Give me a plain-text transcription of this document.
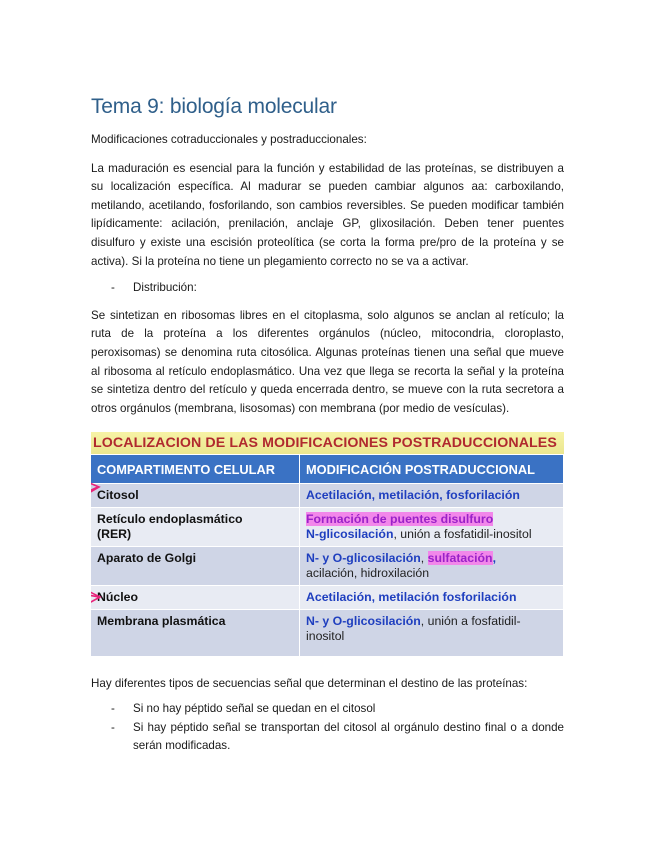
Tema 9: biología molecular

Modificaciones cotraduccionales y postraduccionales:

La maduración es esencial para la función y estabilidad de las proteínas, se distribuyen a su localización específica. Al madurar se pueden cambiar algunos aa: carboxilando, metilando, acetilando, fosforilando, son cambios reversibles. Se pueden modificar también lipídicamente: acilación, prenilación, anclaje GP, glixosilación. Deben tener puentes disulfuro y existe una escisión proteolítica (se corta la forma pre/pro de la proteína y se activa). Si la proteína no tiene un plegamiento correcto no se va a activar.

-	Distribución:

Se sintetizan en ribosomas libres en el citoplasma, solo algunos se anclan al retículo; la ruta de la proteína a los diferentes orgánulos (núcleo, mitocondria, cloroplasto, peroxisomas) se denomina ruta citosólica. Algunas proteínas tienen una señal que mueve al ribosoma al retículo endoplasmático. Una vez que llega se recorta la señal y la proteína se sintetiza dentro del retículo y queda encerrada dentro, se mueve con la ruta secretora a otros orgánulos (membrana, lisosomas) con membrana (por medio de vesículas).

LOCALIZACION DE LAS MODIFICACIONES POSTRADUCCIONALES
COMPARTIMENTO CELULAR	MODIFICACIÓN POSTRADUCCIONAL
Citosol	Acetilación, metilación, fosforilación
Retículo endoplasmático
(RER)	Formación de puentes disulfuro
N-glicosilación, unión a fosfatidil-inositol
Aparato de Golgi	N- y O-glicosilación, sulfatación,
acilación, hidroxilación
Núcleo	Acetilación, metilación fosforilación
Membrana plasmática	N- y O-glicosilación, unión a fosfatidil-
inositol

Hay diferentes tipos de secuencias señal que determinan el destino de las proteínas:

-	Si no hay péptido señal se quedan en el citosol
-	Si hay péptido señal se transportan del citosol al orgánulo destino final o a donde serán modificadas.
